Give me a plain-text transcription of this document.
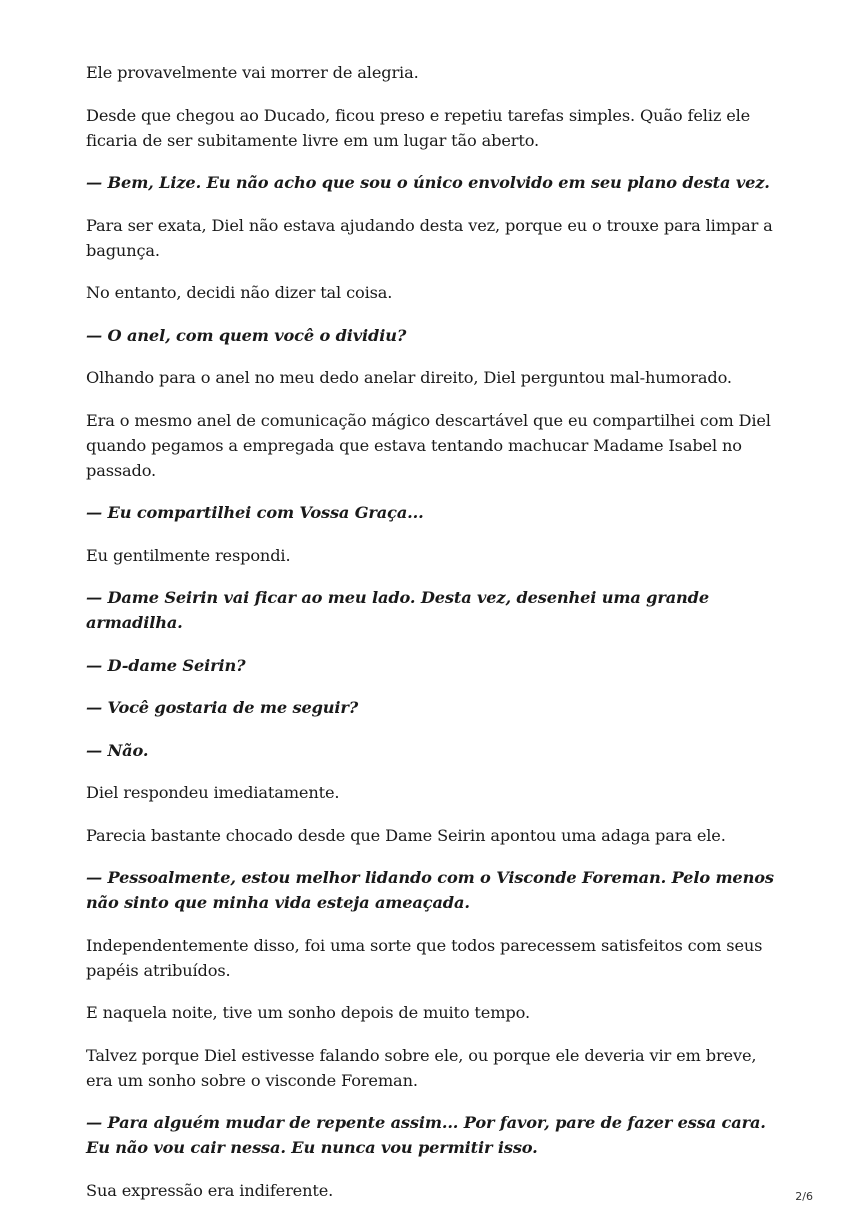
Ele provavelmente vai morrer de alegria.

Desde que chegou ao Ducado, ficou preso e repetiu tarefas simples. Quão feliz ele ficaria de ser subitamente livre em um lugar tão aberto.

— Bem, Lize. Eu não acho que sou o único envolvido em seu plano desta vez.

Para ser exata, Diel não estava ajudando desta vez, porque eu o trouxe para limpar a bagunça.

No entanto, decidi não dizer tal coisa.

— O anel, com quem você o dividiu?

Olhando para o anel no meu dedo anelar direito, Diel perguntou mal-humorado.

Era o mesmo anel de comunicação mágico descartável que eu compartilhei com Diel quando pegamos a empregada que estava tentando machucar Madame Isabel no passado.

— Eu compartilhei com Vossa Graça...

Eu gentilmente respondi.

— Dame Seirin vai ficar ao meu lado. Desta vez, desenhei uma grande armadilha.

— D-dame Seirin?

— Você gostaria de me seguir?

— Não.

Diel respondeu imediatamente.

Parecia bastante chocado desde que Dame Seirin apontou uma adaga para ele.

— Pessoalmente, estou melhor lidando com o Visconde Foreman. Pelo menos não sinto que minha vida esteja ameaçada.

Independentemente disso, foi uma sorte que todos parecessem satisfeitos com seus papéis atribuídos.

E naquela noite, tive um sonho depois de muito tempo.

Talvez porque Diel estivesse falando sobre ele, ou porque ele deveria vir em breve, era um sonho sobre o visconde Foreman.

— Para alguém mudar de repente assim... Por favor, pare de fazer essa cara. Eu não vou cair nessa. Eu nunca vou permitir isso.

Sua expressão era indiferente.	2/6
